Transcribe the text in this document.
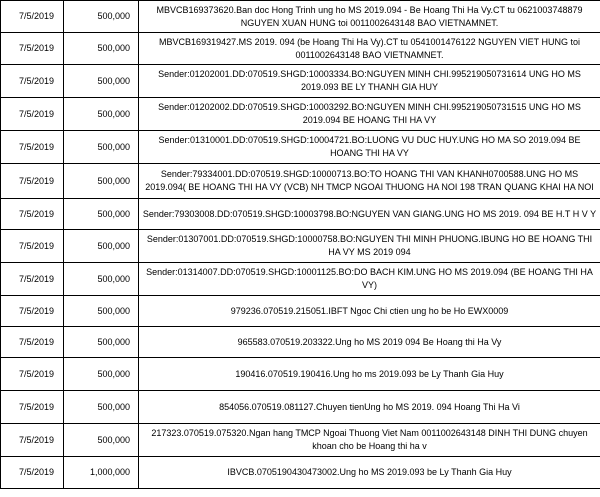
7/5/2019	500,000	MBVCB169373620.Ban doc Hong Trinh ung ho MS 2019.094 - Be Hoang Thi Ha Vy.CT tu 0621003748879 NGUYEN XUAN HUNG toi 0011002643148 BAO VIETNAMNET.
7/5/2019	500,000	MBVCB169319427.MS 2019. 094 (be Hoang Thi Ha Vy).CT tu 0541001476122 NGUYEN VIET HUNG toi 0011002643148 BAO VIETNAMNET.
7/5/2019	500,000	Sender:01202001.DD:070519.SHGD:10003334.BO:NGUYEN MINH CHI.995219050731614 UNG HO MS 2019.093 BE LY THANH GIA HUY
7/5/2019	500,000	Sender:01202002.DD:070519.SHGD:10003292.BO:NGUYEN MINH CHI.995219050731515 UNG HO MS 2019.094 BE HOANG THI HA VY
7/5/2019	500,000	Sender:01310001.DD:070519.SHGD:10004721.BO:LUONG VU DUC HUY.UNG HO MA SO 2019.094 BE HOANG THI HA VY
7/5/2019	500,000	Sender:79334001.DD:070519.SHGD:10000713.BO:TO HOANG THI VAN KHANH0700588.UNG HO MS 2019.094( BE HOANG THI HA VY (VCB) NH TMCP NGOAI THUONG HA NOI 198 TRAN QUANG KHAI HA NOI
7/5/2019	500,000	Sender:79303008.DD:070519.SHGD:10003798.BO:NGUYEN VAN GIANG.UNG HO MS 2019. 094 BE H.T H V Y
7/5/2019	500,000	Sender:01307001.DD:070519.SHGD:10000758.BO:NGUYEN THI MINH PHUONG.IBUNG HO BE HOANG THI HA VY MS 2019 094
7/5/2019	500,000	Sender:01314007.DD:070519.SHGD:10001125.BO:DO BACH KIM.UNG HO MS 2019.094 (BE HOANG THI HA VY)
7/5/2019	500,000	979236.070519.215051.IBFT Ngoc Chi ctien ung ho be Ho EWX0009
7/5/2019	500,000	965583.070519.203322.Ung ho MS 2019 094 Be Hoang thi Ha Vy
7/5/2019	500,000	190416.070519.190416.Ung ho ms 2019.093 be Ly Thanh Gia Huy
7/5/2019	500,000	854056.070519.081127.Chuyen tienUng ho MS 2019. 094 Hoang Thi Ha Vi
7/5/2019	500,000	217323.070519.075320.Ngan hang TMCP Ngoai Thuong Viet Nam 0011002643148 DINH THI DUNG chuyen khoan cho be Hoang thi ha v
7/5/2019	1,000,000	IBVCB.0705190430473002.Ung ho MS 2019.093 be Ly Thanh Gia Huy
